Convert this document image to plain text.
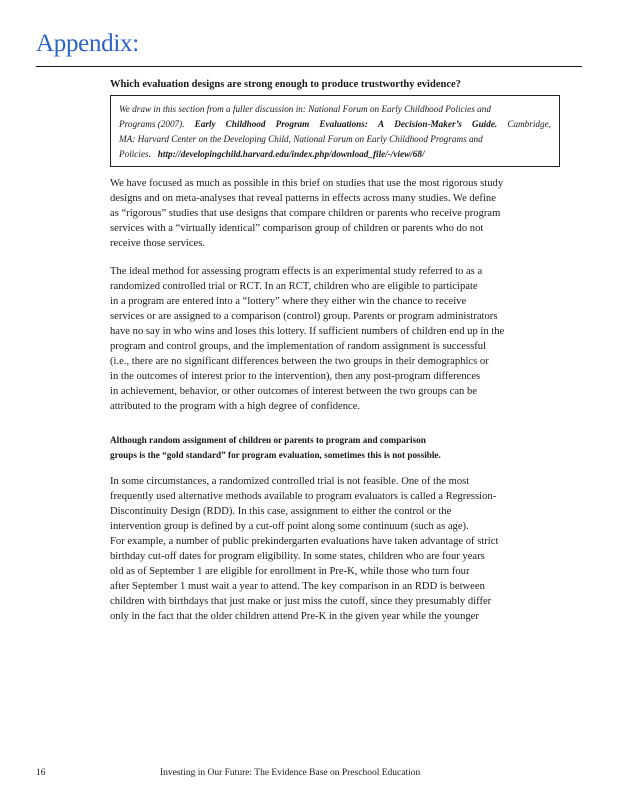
Appendix:

Which evaluation designs are strong enough to produce trustworthy evidence?

We draw in this section from a fuller discussion in: National Forum on Early Childhood Policies and
Programs (2007). Early Childhood Program Evaluations: A Decision-Maker’s Guide. Cambridge,
MA: Harvard Center on the Developing Child, National Forum on Early Childhood Programs and
Policies. http://developingchild.harvard.edu/index.php/download_file/-/view/68/
We have focused as much as possible in this brief on studies that use the most rigorous study
designs and on meta-analyses that reveal patterns in effects across many studies. We define
as “rigorous” studies that use designs that compare children or parents who receive program
services with a “virtually identical” comparison group of children or parents who do not
receive those services.
The ideal method for assessing program effects is an experimental study referred to as a
randomized controlled trial or RCT. In an RCT, children who are eligible to participate
in a program are entered into a “lottery” where they either win the chance to receive
services or are assigned to a comparison (control) group. Parents or program administrators
have no say in who wins and loses this lottery. If sufficient numbers of children end up in the
program and control groups, and the implementation of random assignment is successful
(i.e., there are no significant differences between the two groups in their demographics or
in the outcomes of interest prior to the intervention), then any post-program differences
in achievement, behavior, or other outcomes of interest between the two groups can be
attributed to the program with a high degree of confidence.
Although random assignment of children or parents to program and comparison
groups is the “gold standard” for program evaluation, sometimes this is not possible.
In some circumstances, a randomized controlled trial is not feasible. One of the most
frequently used alternative methods available to program evaluators is called a Regression-
Discontinuity Design (RDD). In this case, assignment to either the control or the
intervention group is defined by a cut-off point along some continuum (such as age).
For example, a number of public prekindergarten evaluations have taken advantage of strict
birthday cut-off dates for program eligibility. In some states, children who are four years
old as of September 1 are eligible for enrollment in Pre-K, while those who turn four
after September 1 must wait a year to attend. The key comparison in an RDD is between
children with birthdays that just make or just miss the cutoff, since they presumably differ
only in the fact that the older children attend Pre-K in the given year while the younger
16	Investing in Our Future: The Evidence Base on Preschool Education
